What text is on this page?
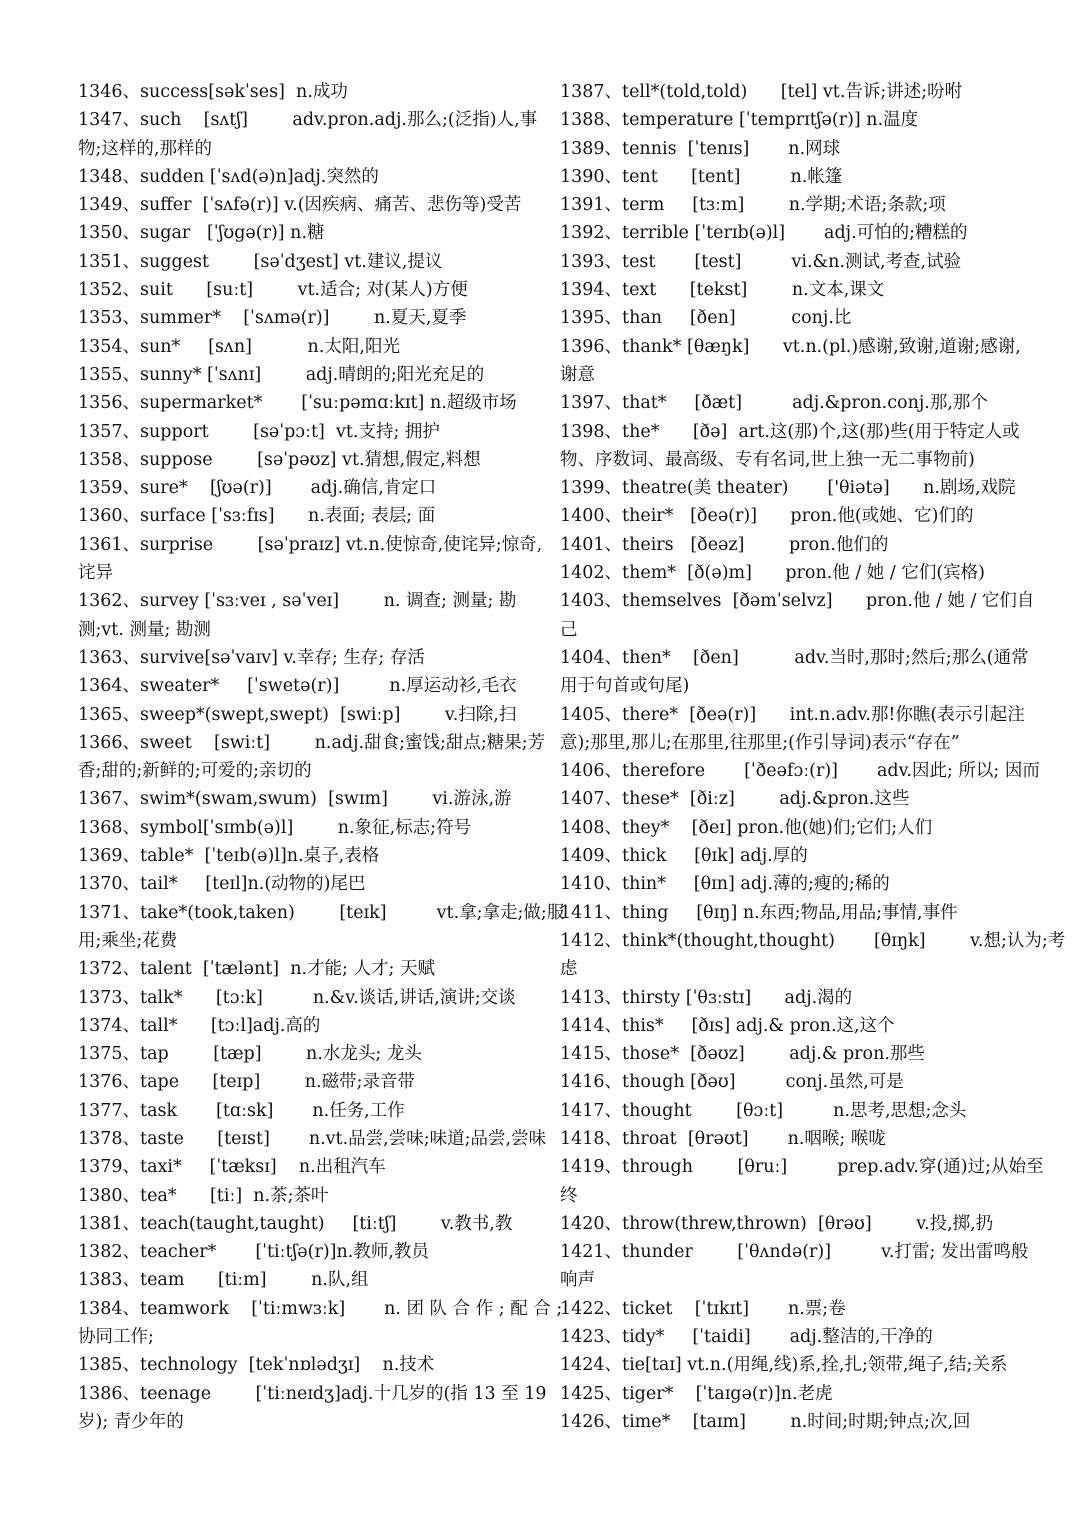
1346、success[səkˈses]  n.成功
1347、such    [sʌtʃ]        adv.pron.adj.那么;(泛指)人,事
物;这样的,那样的
1348、sudden [ˈsʌd(ə)n]adj.突然的
1349、suffer  [ˈsʌfə(r)] v.(因疾病、痛苦、悲伤等)受苦
1350、sugar   [ˈʃʊgə(r)] n.糖
1351、suggest        [səˈdʒest] vt.建议,提议
1352、suit      [suːt]        vt.适合; 对(某人)方便
1353、summer*    [ˈsʌmə(r)]        n.夏天,夏季
1354、sun*     [sʌn]          n.太阳,阳光
1355、sunny* [ˈsʌnɪ]        adj.晴朗的;阳光充足的
1356、supermarket*       [ˈsuːpəmɑːkɪt] n.超级市场
1357、support        [səˈpɔːt]  vt.支持; 拥护
1358、suppose        [səˈpəʊz] vt.猜想,假定,料想
1359、sure*    [ʃʊə(r)]       adj.确信,肯定口
1360、surface [ˈsɜːfɪs]      n.表面; 表层; 面
1361、surprise        [səˈpraɪz] vt.n.使惊奇,使诧异;惊奇,
诧异
1362、survey [ˈsɜːveɪ , səˈveɪ]        n. 调查; 测量; 勘
测;vt. 测量; 勘测
1363、survive[səˈvaɪv] v.幸存; 生存; 存活
1364、sweater*     [ˈswetə(r)]         n.厚运动衫,毛衣
1365、sweep*(swept,swept)  [swiːp]        v.扫除,扫
1366、sweet    [swiːt]        n.adj.甜食;蜜饯;甜点;糖果;芳
香;甜的;新鲜的;可爱的;亲切的
1367、swim*(swam,swum)  [swɪm]        vi.游泳,游
1368、symbol[ˈsɪmb(ə)l]        n.象征,标志;符号
1369、table*  [ˈteɪb(ə)l]n.桌子,表格
1370、tail*     [teɪl]n.(动物的)尾巴
1371、take*(took,taken)        [teɪk]         vt.拿;拿走;做;服
用;乘坐;花费
1372、talent  [ˈtælənt]  n.才能; 人才; 天赋
1373、talk*      [tɔːk]         n.&v.谈话,讲话,演讲;交谈
1374、tall*      [tɔːl]adj.高的
1375、tap        [tæp]        n.水龙头; 龙头
1376、tape      [teɪp]        n.磁带;录音带
1377、task       [tɑːsk]       n.任务,工作
1378、taste      [teɪst]       n.vt.品尝,尝味;味道;品尝,尝味
1379、taxi*     [ˈtæksɪ]    n.出租汽车
1380、tea*      [tiː]  n.茶;茶叶
1381、teach(taught,taught)     [tiːtʃ]        v.教书,教
1382、teacher*       [ˈtiːtʃə(r)]n.教师,教员
1383、team      [tiːm]        n.队,组
1384、teamwork    [ˈtiːmwɜːk]       n. 团 队 合 作 ; 配 合 ;
协同工作;
1385、technology  [tekˈnɒlədʒɪ]    n.技术
1386、teenage        [ˈtiːneɪdʒ]adj.十几岁的(指 13 至 19
岁); 青少年的
1387、tell*(told,told)      [tel] vt.告诉;讲述;吩咐
1388、temperature [ˈtemprɪtʃə(r)] n.温度
1389、tennis  [ˈtenɪs]       n.网球
1390、tent      [tent]         n.帐篷
1391、term     [tɜːm]        n.学期;术语;条款;项
1392、terrible [ˈterɪb(ə)l]       adj.可怕的;糟糕的
1393、test       [test]         vi.&n.测试,考查,试验
1394、text      [tekst]        n.文本,课文
1395、than     [ðen]          conj.比
1396、thank* [θæŋk]      vt.n.(pl.)感谢,致谢,道谢;感谢,
谢意
1397、that*     [ðæt]         adj.&pron.conj.那,那个
1398、the*      [ðə]  art.这(那)个,这(那)些(用于特定人或
物、序数词、最高级、专有名词,世上独一无二事物前)
1399、theatre(美 theater)       ['θiətə]      n.剧场,戏院
1400、their*   [ðeə(r)]      pron.他(或她、它)们的
1401、theirs   [ðeəz]        pron.他们的
1402、them*  [ð(ə)m]      pron.他 / 她 / 它们(宾格)
1403、themselves  [ðəmˈselvz]      pron.他 / 她 / 它们自
己
1404、then*    [ðen]          adv.当时,那时;然后;那么(通常
用于句首或句尾)
1405、there*  [ðeə(r)]      int.n.adv.那!你瞧(表示引起注
意);那里,那儿;在那里,往那里;(作引导词)表示“存在”
1406、therefore       [ˈðeəfɔː(r)]       adv.因此; 所以; 因而
1407、these*  [ðiːz]        adj.&pron.这些
1408、they*    [ðeɪ] pron.他(她)们;它们;人们
1409、thick     [θɪk] adj.厚的
1410、thin*     [θɪn] adj.薄的;瘦的;稀的
1411、thing     [θɪŋ] n.东西;物品,用品;事情,事件
1412、think*(thought,thought)       [θɪŋk]        v.想;认为;考
虑
1413、thirsty [ˈθɜːstɪ]      adj.渴的
1414、this*     [ðɪs] adj.& pron.这,这个
1415、those*  [ðəʊz]        adj.& pron.那些
1416、though [ðəʊ]         conj.虽然,可是
1417、thought        [θɔːt]         n.思考,思想;念头
1418、throat  [θrəʊt]       n.咽喉; 喉咙
1419、through        [θruː]         prep.adv.穿(通)过;从始至
终
1420、throw(threw,thrown)  [θrəʊ]        v.投,掷,扔
1421、thunder        [ˈθʌndə(r)]         v.打雷; 发出雷鸣般
响声
1422、ticket    [ˈtɪkɪt]       n.票;卷
1423、tidy*     [ˈtaidi]       adj.整洁的,干净的
1424、tie[taɪ] vt.n.(用绳,线)系,拴,扎;领带,绳子,结;关系
1425、tiger*    [ˈtaɪgə(r)]n.老虎
1426、time*    [taɪm]        n.时间;时期;钟点;次,回
